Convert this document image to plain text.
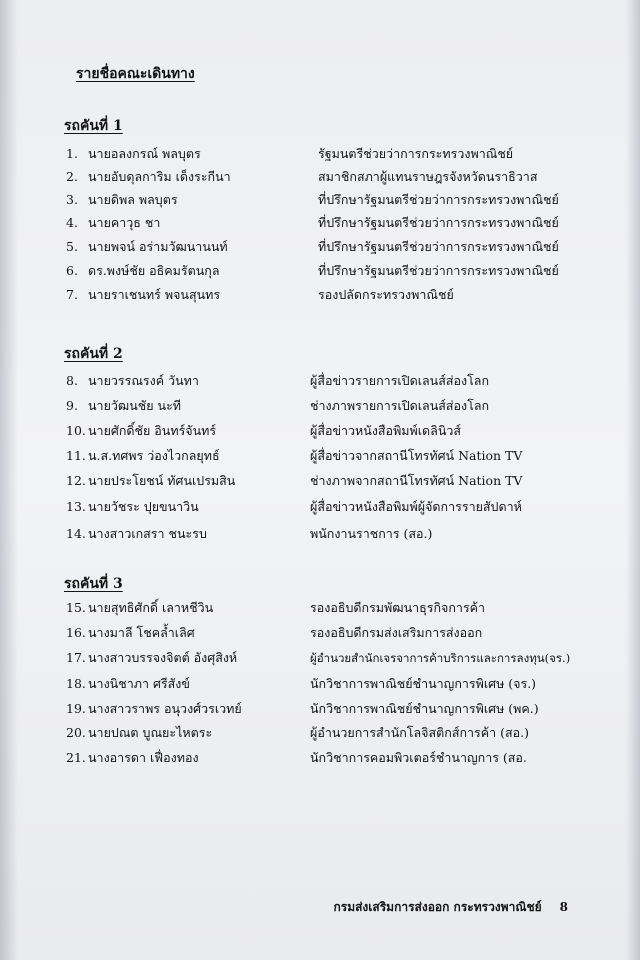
รายชื่อคณะเดินทาง
รถคันที่ 1
1. นายอลงกรณ์ พลบุตร	รัฐมนตรีช่วยว่าการกระทรวงพาณิชย์
2. นายอับดุลการิม เด็งระกีนา	สมาชิกสภาผู้แทนราษฎรจังหวัดนราธิวาส
3. นายดิพล พลบุตร	ที่ปรึกษารัฐมนตรีช่วยว่าการกระทรวงพาณิชย์
4. นายคาวุธ ชา	ที่ปรึกษารัฐมนตรีช่วยว่าการกระทรวงพาณิชย์
5. นายพจน์ อร่ามวัฒนานนท์	ที่ปรึกษารัฐมนตรีช่วยว่าการกระทรวงพาณิชย์
6. ดร.พงษ์ชัย อธิคมรัตนกุล	ที่ปรึกษารัฐมนตรีช่วยว่าการกระทรวงพาณิชย์
7. นายราเชนทร์ พจนสุนทร	รองปลัดกระทรวงพาณิชย์
รถคันที่ 2
8. นายวรรณรงค์ วันทา	ผู้สื่อข่าวรายการเปิดเลนส์ส่องโลก
9. นายวัฒนชัย นะที	ช่างภาพรายการเปิดเลนส์ส่องโลก
10. นายศักดิ์ชัย อินทร์จันทร์	ผู้สื่อข่าวหนังสือพิมพ์เดลินิวส์
11. น.ส.ทศพร ว่องไวกลยุทธ์	ผู้สื่อข่าวจากสถานีโทรทัศน์ Nation TV
12. นายประโยชน์ ทัศนเปรมสิน	ช่างภาพจากสถานีโทรทัศน์ Nation TV
13. นายวัชระ ปุยขนาวิน	ผู้สื่อข่าวหนังสือพิมพ์ผู้จัดการรายสัปดาห์
14. นางสาวเกสรา ชนะรบ	พนักงานราชการ (สอ.)
รถคันที่ 3
15. นายสุทธิศักดิ์ เลาหชีวิน	รองอธิบดีกรมพัฒนาธุรกิจการค้า
16. นางมาลี โชคล้ำเลิศ	รองอธิบดีกรมส่งเสริมการส่งออก
17. นางสาวบรรจงจิตต์ อังศุสิงห์	ผู้อำนวยสำนักเจรจาการค้าบริการและการลงทุน(จร.)
18. นางนิชาภา ศรีสังข์	นักวิชาการพาณิชย์ชำนาญการพิเศษ (จร.)
19. นางสาวราพร อนุวงศ์วรเวทย์	นักวิชาการพาณิชย์ชำนาญการพิเศษ (พค.)
20. นายปณต บูณยะไหตระ	ผู้อำนวยการสำนักโลจิสติกส์การค้า (สอ.)
21. นางอารดา เฟื่องทอง	นักวิชาการคอมพิวเตอร์ชำนาญการ (สอ.
กรมส่งเสริมการส่งออก กระทรวงพาณิชย์ 8
